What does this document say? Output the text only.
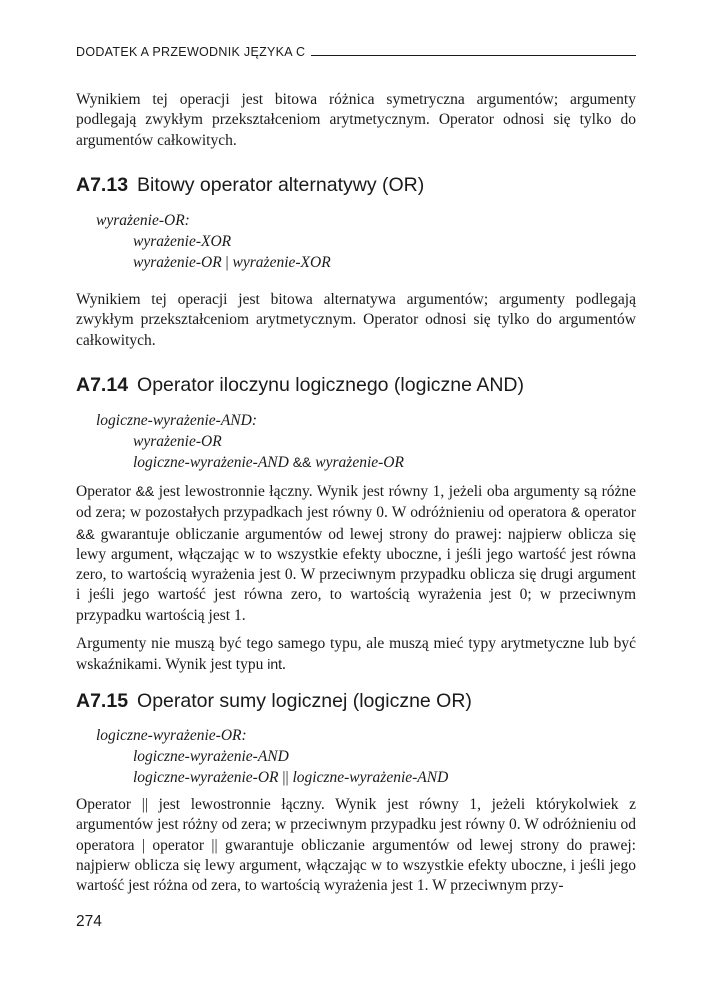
DODATEK A PRZEWODNIK JĘZYKA C

Wynikiem tej operacji jest bitowa różnica symetryczna argumentów; argumenty podlegają zwykłym przekształceniom arytmetycznym. Operator odnosi się tylko do argumentów całkowitych.

A7.13 Bitowy operator alternatywy (OR)
wyrażenie-OR:
wyrażenie-XOR
wyrażenie-OR | wyrażenie-XOR

Wynikiem tej operacji jest bitowa alternatywa argumentów; argumenty podlegają zwykłym przekształceniom arytmetycznym. Operator odnosi się tylko do argumentów całkowitych.

A7.14 Operator iloczynu logicznego (logiczne AND)
logiczne-wyrażenie-AND:
wyrażenie-OR
logiczne-wyrażenie-AND && wyrażenie-OR

Operator && jest lewostronnie łączny. Wynik jest równy 1, jeżeli oba argumenty są różne od zera; w pozostałych przypadkach jest równy 0. W odróżnieniu od operatora & operator && gwarantuje obliczanie argumentów od lewej strony do prawej: najpierw oblicza się lewy argument, włączając w to wszystkie efekty uboczne, i jeśli jego wartość jest równa zero, to wartością wyrażenia jest 0. W przeciwnym przypadku oblicza się drugi argument i jeśli jego wartość jest równa zero, to wartością wyrażenia jest 0; w przeciwnym przypadku wartością jest 1.

Argumenty nie muszą być tego samego typu, ale muszą mieć typy arytmetyczne lub być wskaźnikami. Wynik jest typu int.

A7.15 Operator sumy logicznej (logiczne OR)
logiczne-wyrażenie-OR:
logiczne-wyrażenie-AND
logiczne-wyrażenie-OR || logiczne-wyrażenie-AND

Operator || jest lewostronnie łączny. Wynik jest równy 1, jeżeli którykolwiek z argumentów jest różny od zera; w przeciwnym przypadku jest równy 0. W odróżnieniu od operatora | operator || gwarantuje obliczanie argumentów od lewej strony do prawej: najpierw oblicza się lewy argument, włączając w to wszystkie efekty uboczne, i jeśli jego wartość jest różna od zera, to wartością wyrażenia jest 1. W przeciwnym przy-

274
